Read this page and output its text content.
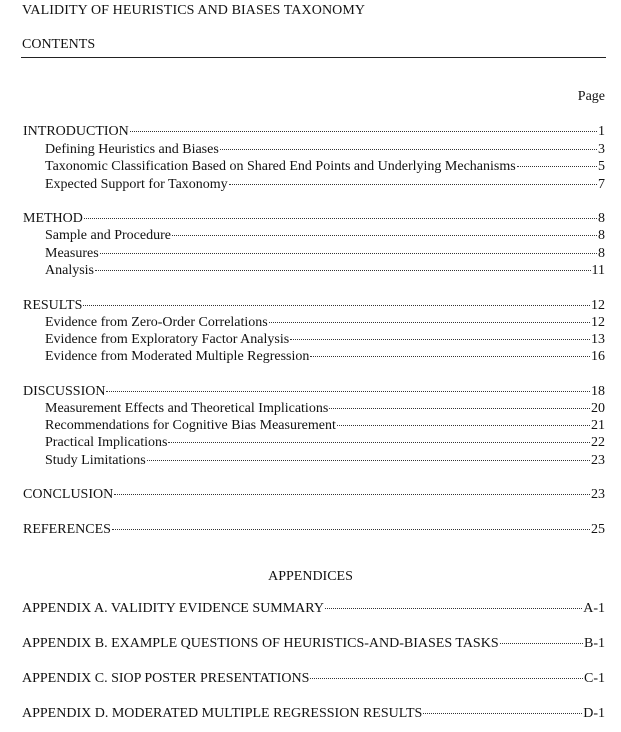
VALIDITY OF HEURISTICS AND BIASES TAXONOMY
CONTENTS
Page
INTRODUCTION	1
Defining Heuristics and Biases	3
Taxonomic Classification Based on Shared End Points and Underlying Mechanisms	5
Expected Support for Taxonomy	7
METHOD	8
Sample and Procedure	8
Measures	8
Analysis	11
RESULTS	12
Evidence from Zero-Order Correlations	12
Evidence from Exploratory Factor Analysis	13
Evidence from Moderated Multiple Regression	16
DISCUSSION	18
Measurement Effects and Theoretical Implications	20
Recommendations for Cognitive Bias Measurement	21
Practical Implications	22
Study Limitations	23
CONCLUSION	23
REFERENCES	25
APPENDICES
APPENDIX A. VALIDITY EVIDENCE SUMMARY	A-1
APPENDIX B. EXAMPLE QUESTIONS OF HEURISTICS-AND-BIASES TASKS	B-1
APPENDIX C. SIOP POSTER PRESENTATIONS	C-1
APPENDIX D. MODERATED MULTIPLE REGRESSION RESULTS	D-1
